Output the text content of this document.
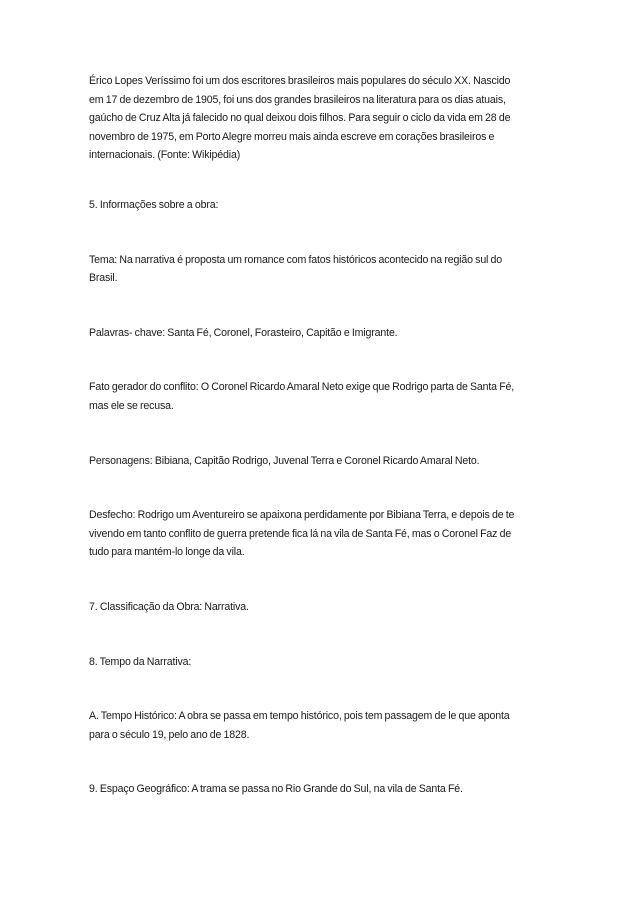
Érico Lopes Veríssimo foi um dos escritores brasileiros mais populares do século XX. Nascido
em 17 de dezembro de 1905, foi uns dos grandes brasileiros na literatura para os dias atuais,
gaúcho de Cruz Alta já falecido no qual deixou dois filhos. Para seguir o ciclo da vida em 28 de
novembro de 1975, em Porto Alegre morreu mais ainda escreve em corações brasileiros e
internacionais. (Fonte: Wikipédia)

5. Informações sobre a obra:

Tema: Na narrativa é proposta um romance com fatos históricos acontecido na região sul do
Brasil.

Palavras- chave: Santa Fé, Coronel, Forasteiro, Capitão e Imigrante.

Fato gerador do conflito: O Coronel Ricardo Amaral Neto exige que Rodrigo parta de Santa Fé,
mas ele se recusa.

Personagens: Bibiana, Capitão Rodrigo, Juvenal Terra e Coronel Ricardo Amaral Neto.

Desfecho: Rodrigo um Aventureiro se apaixona perdidamente por Bibiana Terra, e depois de te
vivendo em tanto conflito de guerra pretende fica lá na vila de Santa Fé, mas o Coronel Faz de
tudo para mantém-lo longe da vila.

7. Classificação da Obra: Narrativa.

8. Tempo da Narrativa:

A. Tempo Histórico: A obra se passa em tempo histórico, pois tem passagem de le que aponta
para o século 19, pelo ano de 1828.

9. Espaço Geográfico: A trama se passa no Rio Grande do Sul, na vila de Santa Fé.
